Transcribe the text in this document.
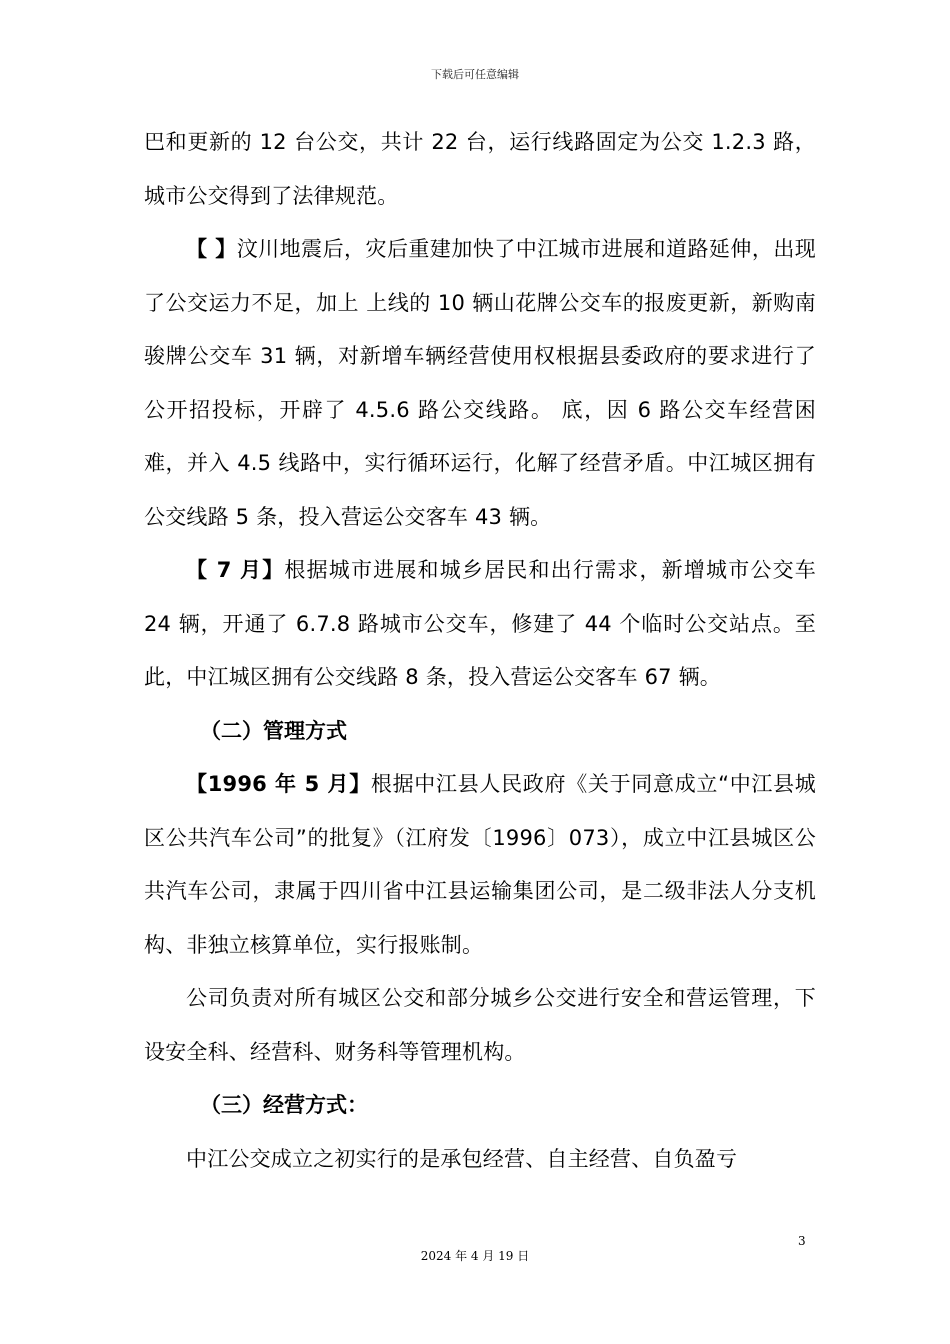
下载后可任意编辑

巴和更新的 12 台公交，共计 22 台，运行线路固定为公交 1.2.3 路，城市公交得到了法律规范。

【 】汶川地震后，灾后重建加快了中江城市进展和道路延伸，出现了公交运力不足，加上 上线的 10 辆山花牌公交车的报废更新，新购南骏牌公交车 31 辆，对新增车辆经营使用权根据县委政府的要求进行了公开招投标，开辟了 4.5.6 路公交线路。 底，因 6 路公交车经营困难，并入 4.5 线路中，实行循环运行，化解了经营矛盾。中江城区拥有公交线路 5 条，投入营运公交客车 43 辆。

【 7 月】根据城市进展和城乡居民和出行需求，新增城市公交车 24 辆，开通了 6.7.8 路城市公交车，修建了 44 个临时公交站点。至此，中江城区拥有公交线路 8 条，投入营运公交客车 67 辆。

（二）管理方式

【1996 年 5 月】根据中江县人民政府《关于同意成立“中江县城区公共汽车公司”的批复》（江府发〔1996〕073），成立中江县城区公共汽车公司，隶属于四川省中江县运输集团公司，是二级非法人分支机构、非独立核算单位，实行报账制。

公司负责对所有城区公交和部分城乡公交进行安全和营运管理，下设安全科、经营科、财务科等管理机构。

（三）经营方式：

中江公交成立之初实行的是承包经营、自主经营、自负盈亏

3
2024 年 4 月 19 日
